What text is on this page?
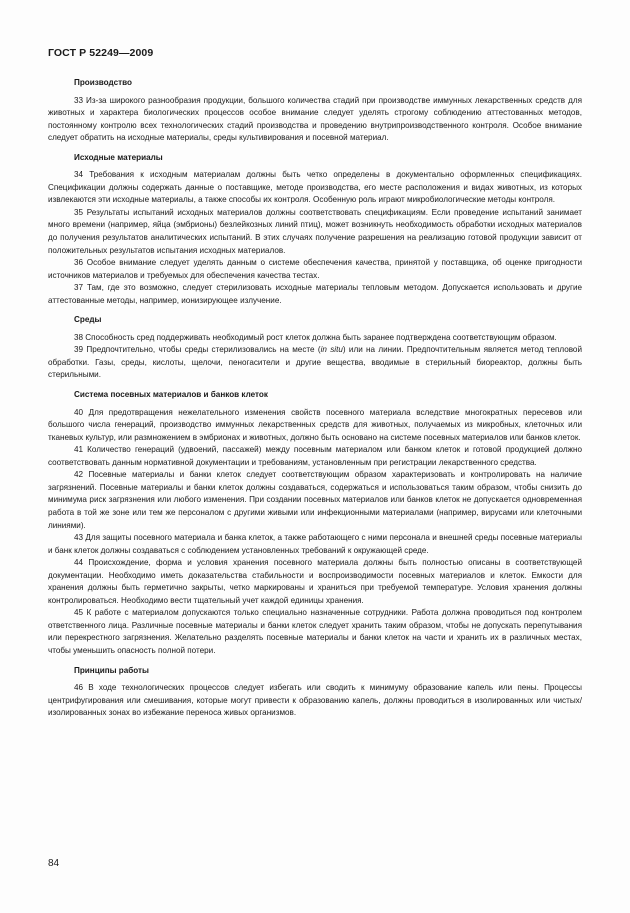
ГОСТ Р 52249—2009
Производство

33 Из-за широкого разнообразия продукции, большого количества стадий при производстве иммунных лекарственных средств для животных и характера биологических процессов особое внимание следует уделять строгому соблюдению аттестованных методов, постоянному контролю всех технологических стадий производства и проведению внутрипроизводственного контроля. Особое внимание следует обратить на исходные материалы, среды культивирования и посевной материал.

Исходные материалы

34 Требования к исходным материалам должны быть четко определены в документально оформленных спецификациях. Спецификации должны содержать данные о поставщике, методе производства, его месте расположения и видах животных, из которых извлекаются эти исходные материалы, а также способы их контроля. Особенную роль играют микробиологические методы контроля.

35 Результаты испытаний исходных материалов должны соответствовать спецификациям. Если проведение испытаний занимает много времени (например, яйца (эмбрионы) безлейкозных линий птиц), может возникнуть необходимость обработки исходных материалов до получения результатов аналитических испытаний. В этих случаях получение разрешения на реализацию готовой продукции зависит от положительных результатов испытания исходных материалов.

36 Особое внимание следует уделять данным о системе обеспечения качества, принятой у поставщика, об оценке пригодности источников материалов и требуемых для обеспечения качества тестах.

37 Там, где это возможно, следует стерилизовать исходные материалы тепловым методом. Допускается использовать и другие аттестованные методы, например, ионизирующее излучение.

Среды

38 Способность сред поддерживать необходимый рост клеток должна быть заранее подтверждена соответствующим образом.

39 Предпочтительно, чтобы среды стерилизовались на месте (in situ) или на линии. Предпочтительным является метод тепловой обработки. Газы, среды, кислоты, щелочи, пеногасители и другие вещества, вводимые в стерильный биореактор, должны быть стерильными.

Система посевных материалов и банков клеток

40 Для предотвращения нежелательного изменения свойств посевного материала вследствие многократных пересевов или большого числа генераций, производство иммунных лекарственных средств для животных, получаемых из микробных, клеточных или тканевых культур, или размножением в эмбрионах и животных, должно быть основано на системе посевных материалов или банков клеток.

41 Количество генераций (удвоений, пассажей) между посевным материалом или банком клеток и готовой продукцией должно соответствовать данным нормативной документации и требованиям, установленным при регистрации лекарственного средства.

42 Посевные материалы и банки клеток следует соответствующим образом характеризовать и контролировать на наличие загрязнений. Посевные материалы и банки клеток должны создаваться, содержаться и использоваться таким образом, чтобы снизить до минимума риск загрязнения или любого изменения. При создании посевных материалов или банков клеток не допускается одновременная работа в той же зоне или тем же персоналом с другими живыми или инфекционными материалами (например, вирусами или клеточными линиями).

43 Для защиты посевного материала и банка клеток, а также работающего с ними персонала и внешней среды посевные материалы и банк клеток должны создаваться с соблюдением установленных требований к окружающей среде.

44 Происхождение, форма и условия хранения посевного материала должны быть полностью описаны в соответствующей документации. Необходимо иметь доказательства стабильности и воспроизводимости посевных материалов и клеток. Емкости для хранения должны быть герметично закрыты, четко маркированы и храниться при требуемой температуре. Условия хранения должны контролироваться. Необходимо вести тщательный учет каждой единицы хранения.

45 К работе с материалом допускаются только специально назначенные сотрудники. Работа должна проводиться под контролем ответственного лица. Различные посевные материалы и банки клеток следует хранить таким образом, чтобы не допускать перепутывания или перекрестного загрязнения. Желательно разделять посевные материалы и банки клеток на части и хранить их в различных местах, чтобы уменьшить опасность полной потери.

Принципы работы

46 В ходе технологических процессов следует избегать или сводить к минимуму образование капель или пены. Процессы центрифугирования или смешивания, которые могут привести к образованию капель, должны проводиться в изолированных или чистых/изолированных зонах во избежание переноса живых организмов.

84
